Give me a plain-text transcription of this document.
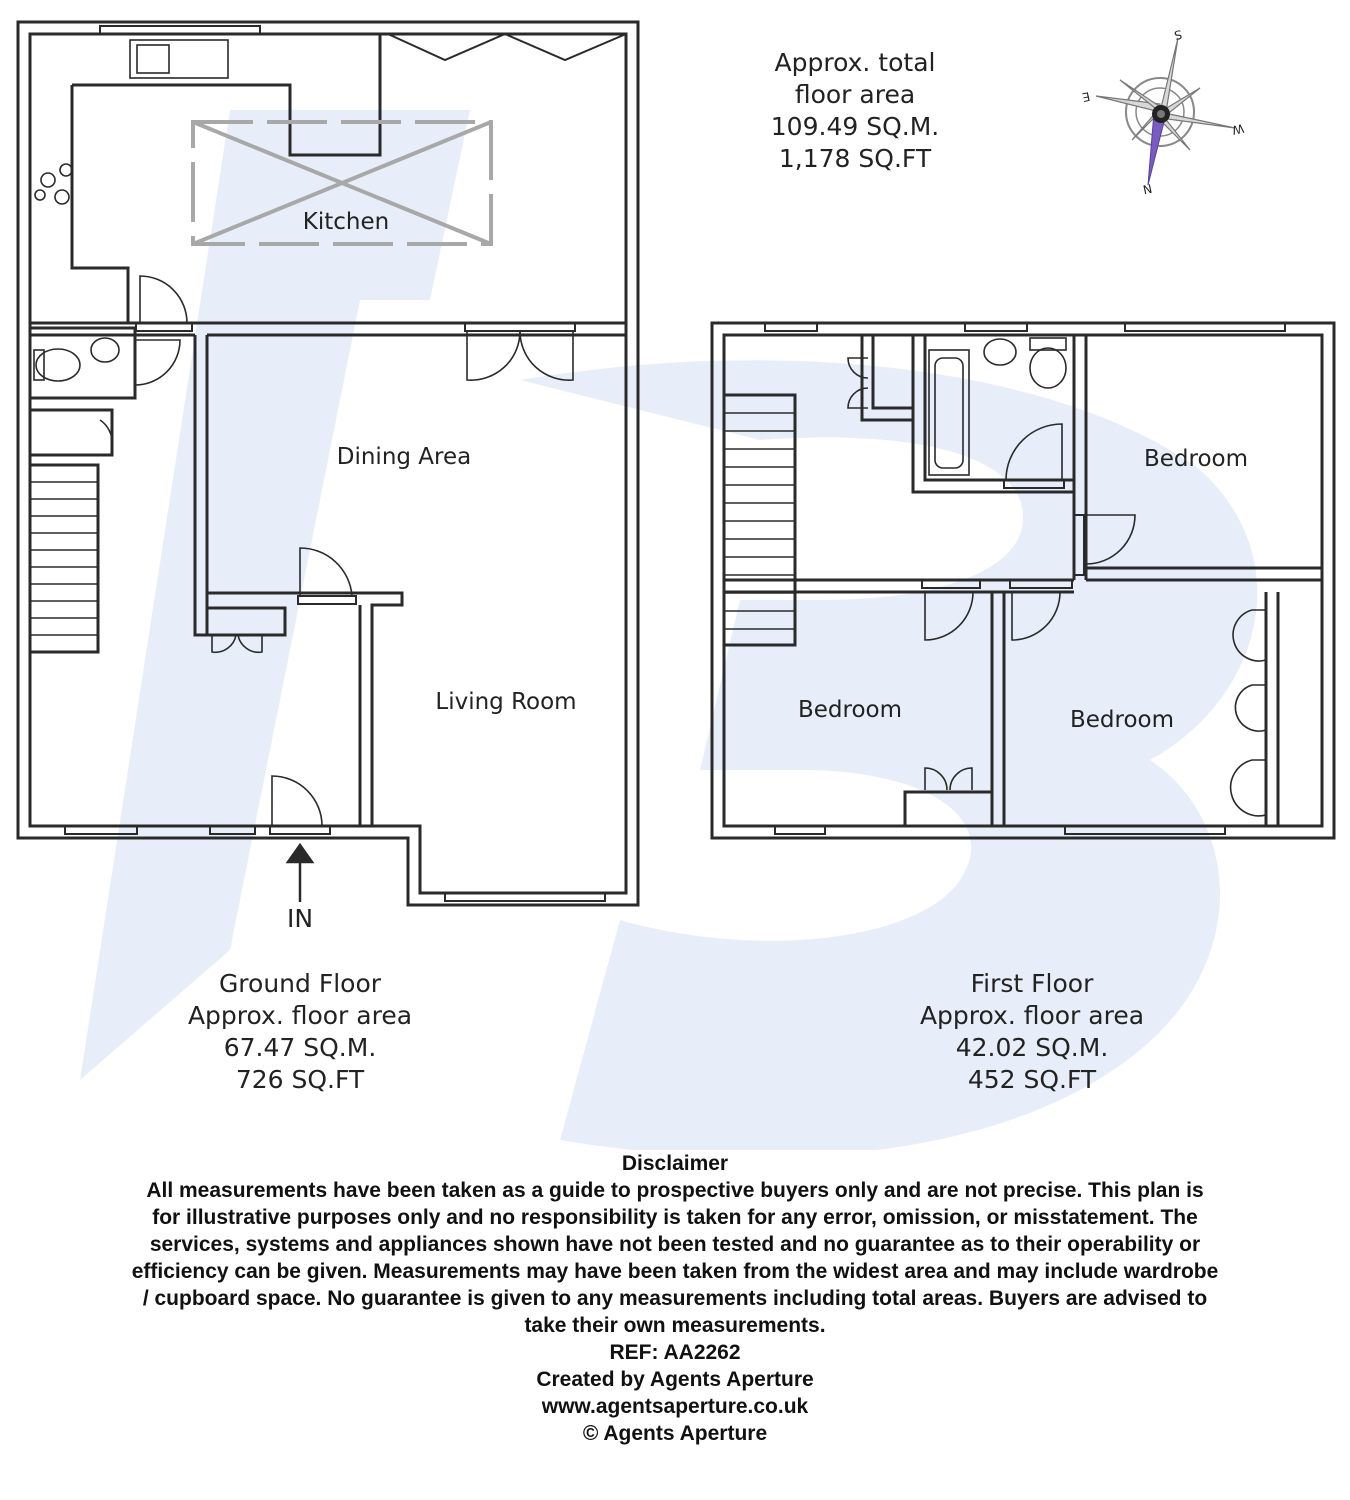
S
E
W
N
Kitchen
Dining Area
Living Room
Bedroom
Bedroom	Bedroom
IN
Approx. total
floor area
109.49 SQ.M.
1,178 SQ.FT
Ground Floor
Approx. floor area
67.47 SQ.M.
726 SQ.FT
First Floor
Approx. floor area
42.02 SQ.M.
452 SQ.FT
Disclaimer
All measurements have been taken as a guide to prospective buyers only and are not precise. This plan is
for illustrative purposes only and no responsibility is taken for any error, omission, or misstatement. The
services, systems and appliances shown have not been tested and no guarantee as to their operability or
efficiency can be given. Measurements may have been taken from the widest area and may include wardrobe
/ cupboard space. No guarantee is given to any measurements including total areas. Buyers are advised to
take their own measurements.
REF: AA2262
Created by Agents Aperture
www.agentsaperture.co.uk
© Agents Aperture
